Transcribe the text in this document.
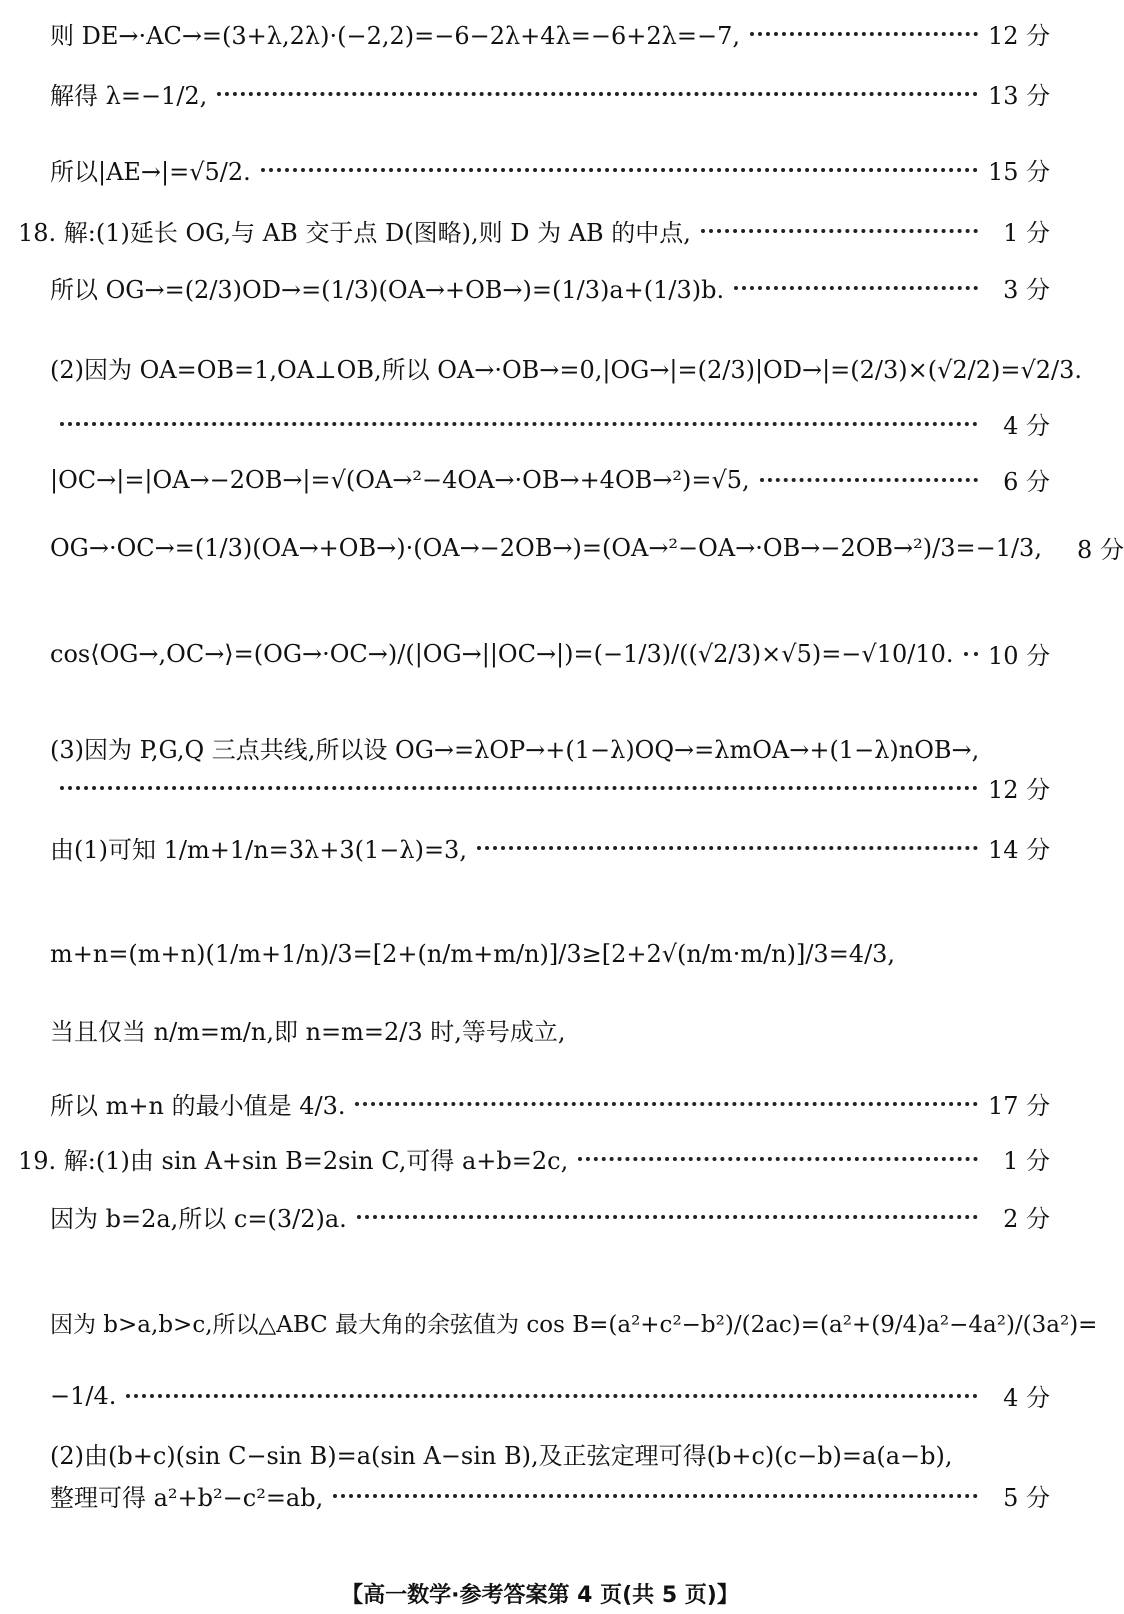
则 DE→·AC→=(3+λ,2λ)·(−2,2)=−6−2λ+4λ=−6+2λ=−7,	12 分
解得 λ=−1/2,	13 分
所以|AE→|=√5/2.	15 分
18. 解:(1)延长 OG,与 AB 交于点 D(图略),则 D 为 AB 的中点,	1 分
所以 OG→=(2/3)OD→=(1/3)(OA→+OB→)=(1/3)a+(1/3)b.	3 分
(2)因为 OA=OB=1,OA⊥OB,所以 OA→·OB→=0,|OG→|=(2/3)|OD→|=(2/3)×(√2/2)=√2/3.
4 分
|OC→|=|OA→−2OB→|=√(OA→²−4OA→·OB→+4OB→²)=√5,	6 分
OG→·OC→=(1/3)(OA→+OB→)·(OA→−2OB→)=(OA→²−OA→·OB→−2OB→²)/3=−1/3,	8 分
cos⟨OG→,OC→⟩=(OG→·OC→)/(|OG→||OC→|)=(−1/3)/((√2/3)×√5)=−√10/10. 10 分
(3)因为 P,G,Q 三点共线,所以设 OG→=λOP→+(1−λ)OQ→=λmOA→+(1−λ)nOB→,
12 分
由(1)可知 1/m+1/n=3λ+3(1−λ)=3,	14 分
m+n=(m+n)(1/m+1/n)/3=[2+(n/m+m/n)]/3≥[2+2√(n/m·m/n)]/3=4/3,
当且仅当 n/m=m/n,即 n=m=2/3 时,等号成立,
所以 m+n 的最小值是 4/3.	17 分
19. 解:(1)由 sin A+sin B=2sin C,可得 a+b=2c,	1 分
因为 b=2a,所以 c=(3/2)a.	2 分
因为 b>a,b>c,所以△ABC 最大角的余弦值为 cos B=(a²+c²−b²)/(2ac)=(a²+(9/4)a²−4a²)/(3a²)=
−1/4.	4 分
(2)由(b+c)(sin C−sin B)=a(sin A−sin B),及正弦定理可得(b+c)(c−b)=a(a−b),
整理可得 a²+b²−c²=ab,	5 分
【高一数学·参考答案第 4 页(共 5 页)】
